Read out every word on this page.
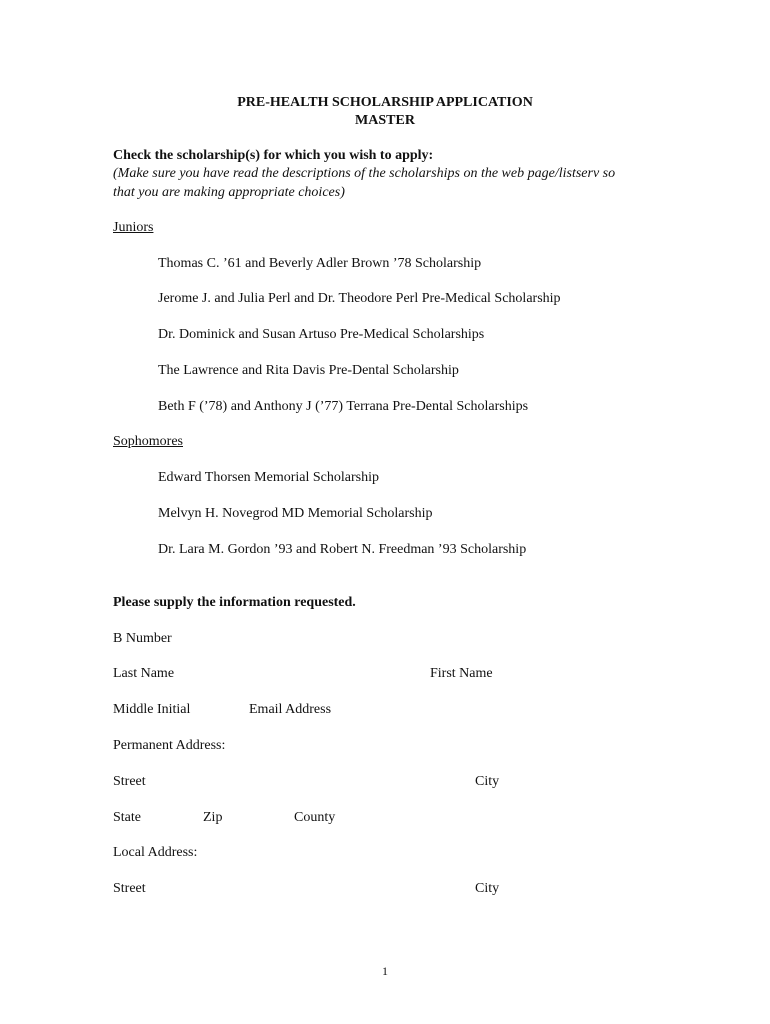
PRE-HEALTH SCHOLARSHIP APPLICATION
MASTER
Check the scholarship(s) for which you wish to apply:
(Make sure you have read the descriptions of the scholarships on the web page/listserv so
that you are making appropriate choices)
Juniors
Thomas C. ’61 and Beverly Adler Brown ’78 Scholarship
Jerome J. and Julia Perl and Dr. Theodore Perl Pre-Medical Scholarship
Dr. Dominick and Susan Artuso Pre-Medical Scholarships
The Lawrence and Rita Davis Pre-Dental Scholarship
Beth F (’78) and Anthony J (’77) Terrana Pre-Dental Scholarships
Sophomores
Edward Thorsen Memorial Scholarship
Melvyn H. Novegrod MD Memorial Scholarship
Dr. Lara M. Gordon ’93 and Robert N. Freedman ’93 Scholarship
Please supply the information requested.
B Number
Last Name	First Name
Middle Initial	Email Address
Permanent Address:
Street	City
State	Zip	County
Local Address:
Street	City
1
